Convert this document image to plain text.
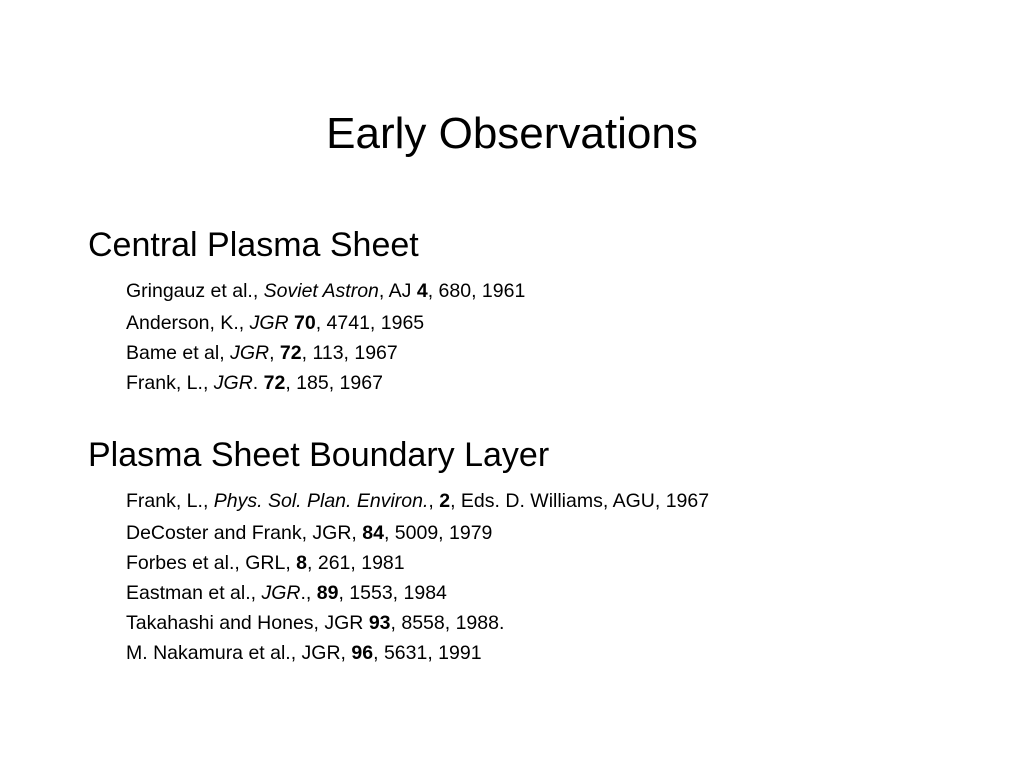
Early Observations
Central Plasma Sheet
Gringauz et al., Soviet Astron, AJ 4, 680, 1961
Anderson, K., JGR 70, 4741, 1965
Bame et al, JGR, 72, 113, 1967
Frank, L., JGR. 72, 185, 1967
Plasma Sheet Boundary Layer
Frank, L., Phys. Sol. Plan. Environ., 2, Eds. D. Williams, AGU, 1967
DeCoster and Frank, JGR, 84, 5009, 1979
Forbes et al., GRL, 8, 261, 1981
Eastman et al., JGR., 89, 1553, 1984
Takahashi and Hones, JGR 93, 8558, 1988.
M. Nakamura et al., JGR, 96, 5631, 1991
